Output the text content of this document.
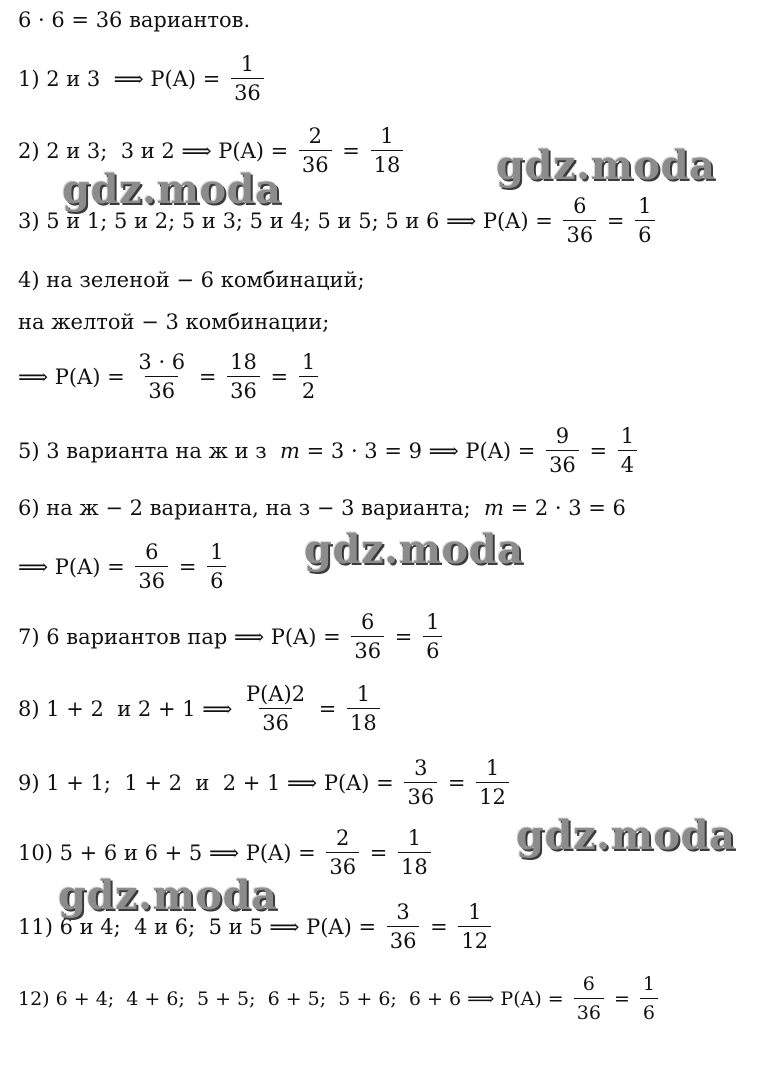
6 · 6 = 36 вариантов.
1) 2 и 3  ⟹ $P(A) = \frac{1}{36}$
2) 2 и 3;  3 и 2 ⟹ $P(A) = \frac{2}{36} = \frac{1}{18}$
3) 5 и 1; 5 и 2; 5 и 3; 5 и 4; 5 и 5; 5 и 6 ⟹ $P(A) = \frac{6}{36} = \frac{1}{6}$
4) на зеленой − 6 комбинаций;
на желтой − 3 комбинации;
⟹ $P(A) = \frac{3 \cdot 6}{36} = \frac{18}{36} = \frac{1}{2}$
5) 3 варианта на ж и з m = 3 · 3 = 9 ⟹ $P(A) = \frac{9}{36} = \frac{1}{4}$
6) на ж − 2 варианта, на з − 3 варианта; m = 2 · 3 = 6
⟹ $P(A) = \frac{6}{36} = \frac{1}{6}$
7) 6 вариантов пар ⟹ $P(A) = \frac{6}{36} = \frac{1}{6}$
8) 1 + 2  и 2 + 1 ⟹ $\frac{P(A)2}{36} = \frac{1}{18}$
9) 1 + 1;  1 + 2  и  2 + 1 ⟹ $P(A) = \frac{3}{36} = \frac{1}{12}$
10) 5 + 6 и 6 + 5 ⟹ $P(A) = \frac{2}{36} = \frac{1}{18}$
11) 6 и 4;  4 и 6;  5 и 5 ⟹ $P(A) = \frac{3}{36} = \frac{1}{12}$
12) 6 + 4;  4 + 6;  5 + 5;  6 + 5;  5 + 6;  6 + 6 ⟹ $P(A) = \frac{6}{36} = \frac{1}{6}$
gdz.moda
gdz.moda
gdz.moda
gdz.moda
gdz.moda
